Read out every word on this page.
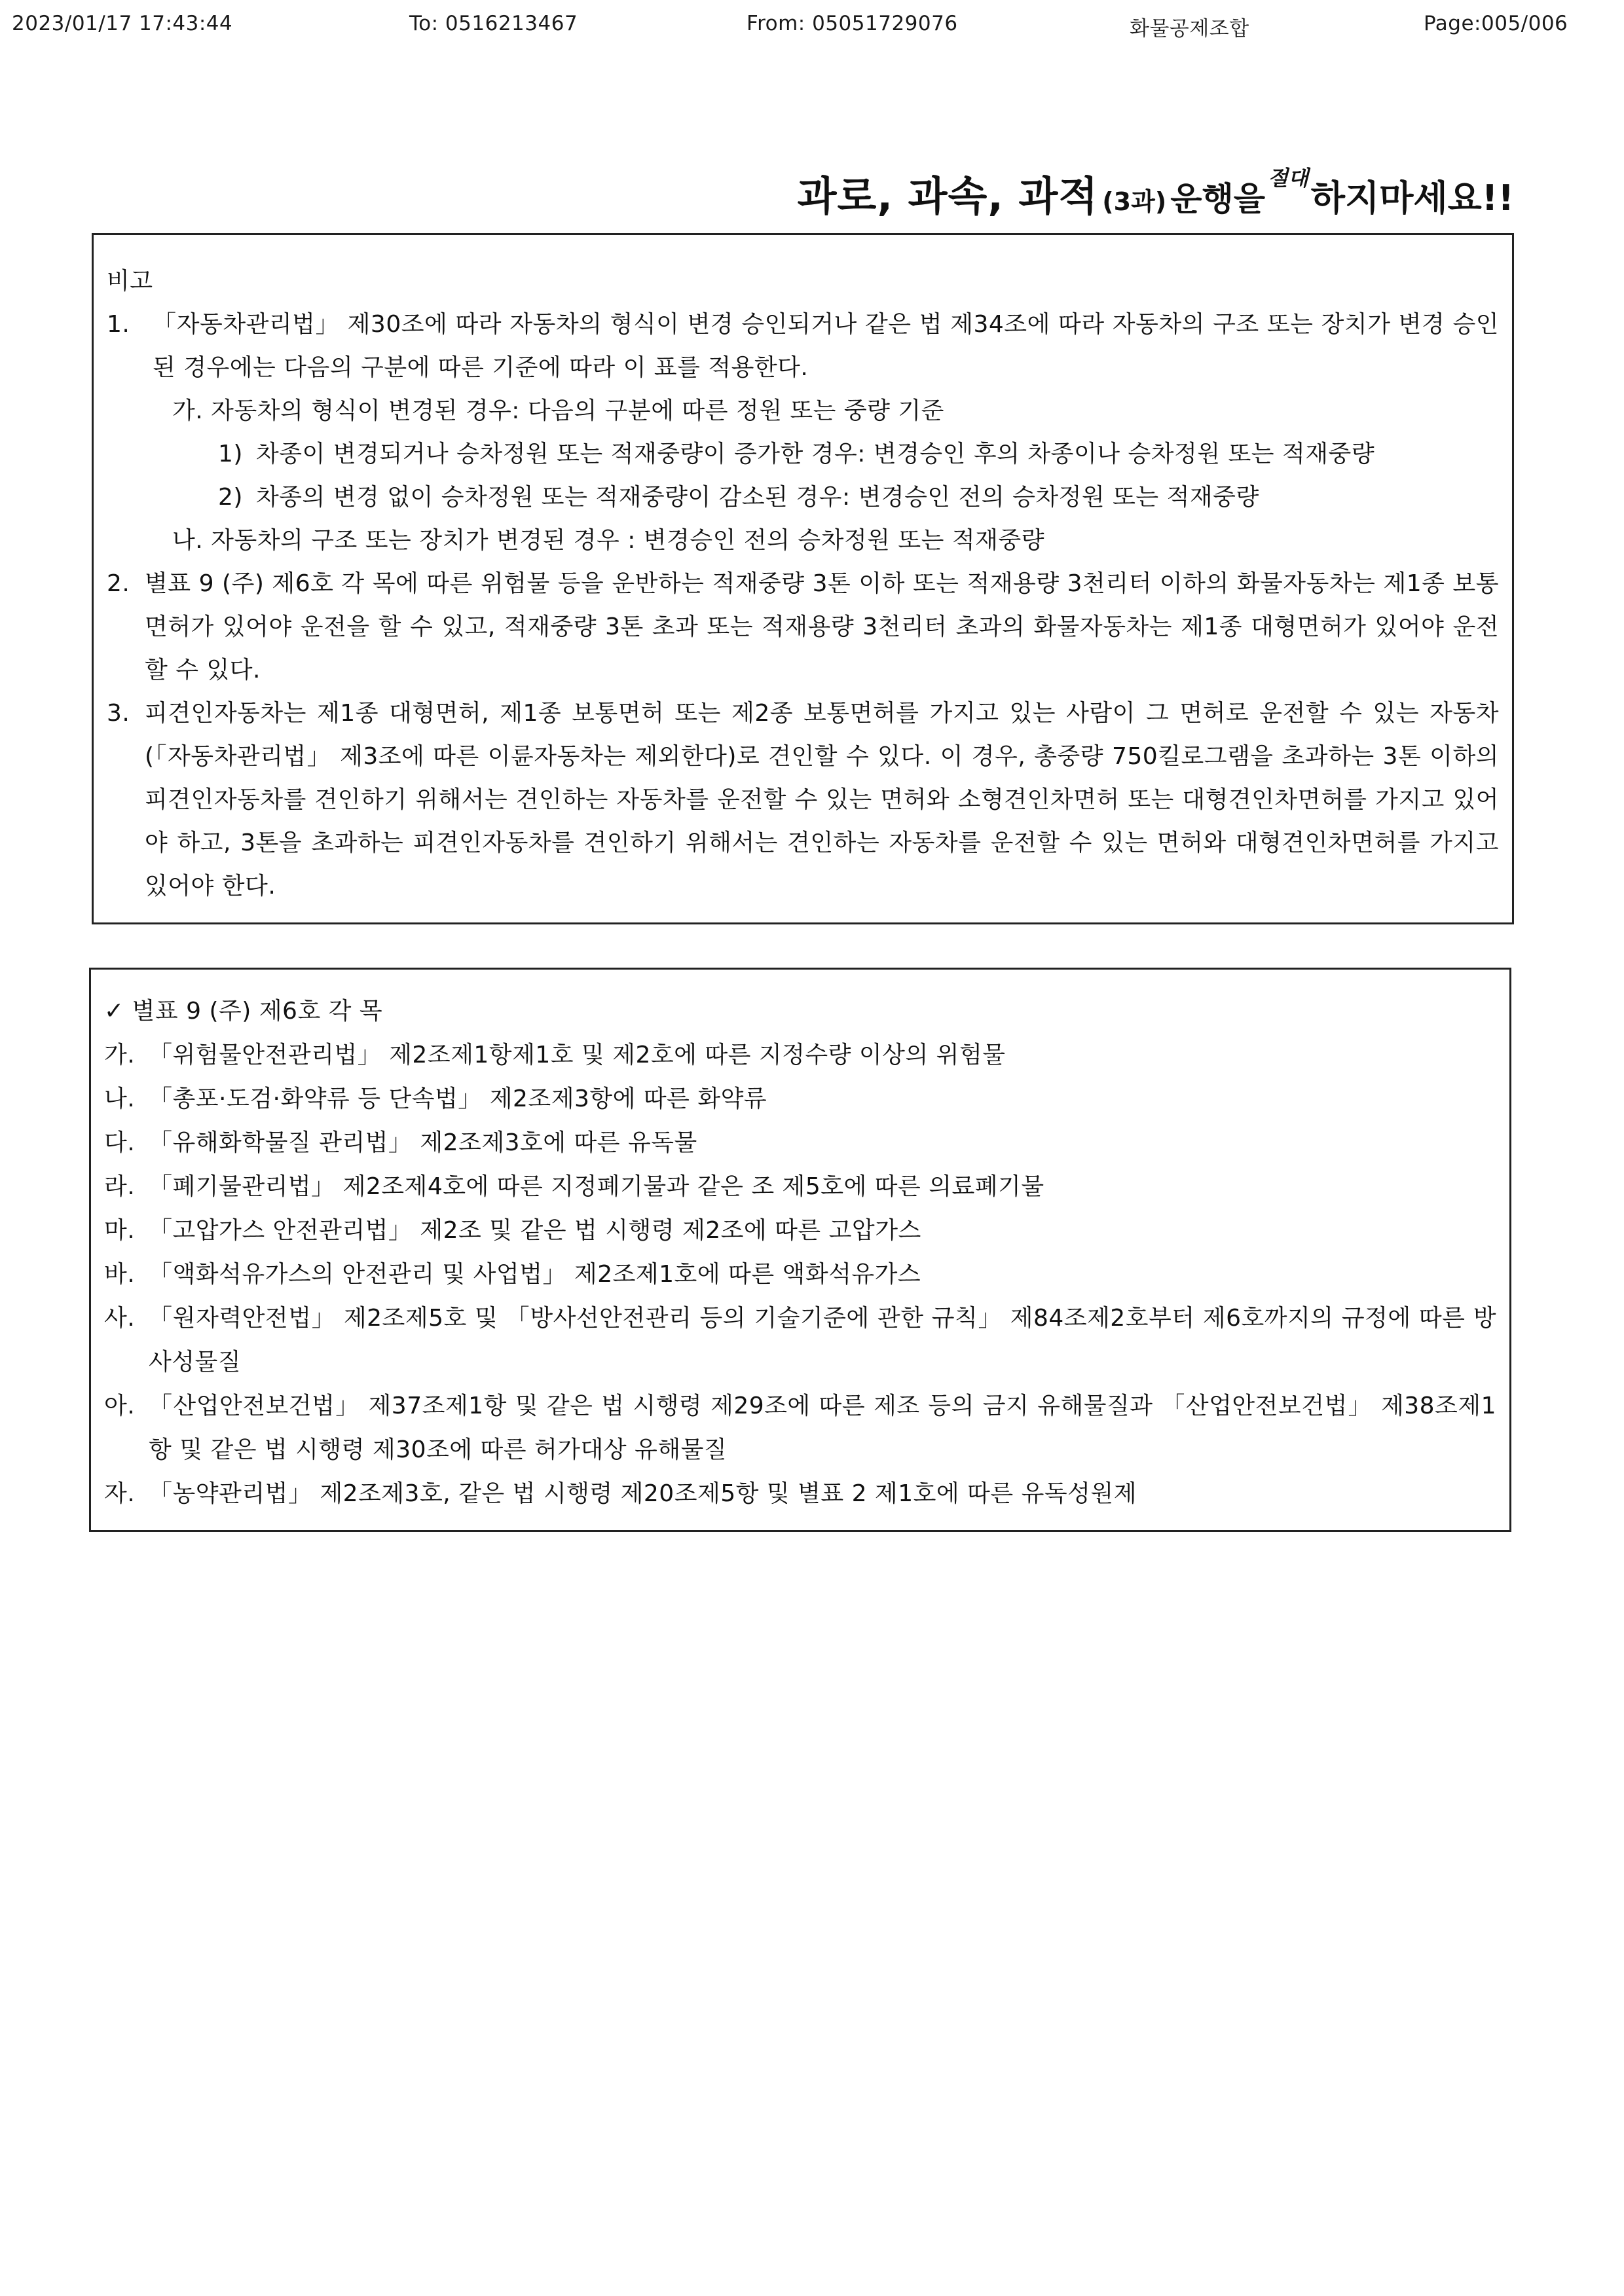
2023/01/17 17:43:44	To: 0516213467	From: 05051729076	화물공제조합	Page:005/006
과로, 과속, 과적 (3과) 운행을
절대 하지마세요!!
비고
1. 「자동차관리법」 제30조에 따라 자동차의 형식이 변경 승인되거나 같은 법 제34조에 따라 자동차의 구조 또는 장치가 변경 승인된 경우에는 다음의 구분에 따른 기준에 따라 이 표를 적용한다.
가. 자동차의 형식이 변경된 경우: 다음의 구분에 따른 정원 또는 중량 기준
1) 차종이 변경되거나 승차정원 또는 적재중량이 증가한 경우: 변경승인 후의 차종이나 승차정원 또는 적재중량
2) 차종의 변경 없이 승차정원 또는 적재중량이 감소된 경우: 변경승인 전의 승차정원 또는 적재중량
나. 자동차의 구조 또는 장치가 변경된 경우 : 변경승인 전의 승차정원 또는 적재중량
2. 별표 9 (주) 제6호 각 목에 따른 위험물 등을 운반하는 적재중량 3톤 이하 또는 적재용량 3천리터 이하의 화물자동차는 제1종 보통면허가 있어야 운전을 할 수 있고, 적재중량 3톤 초과 또는 적재용량 3천리터 초과의 화물자동차는 제1종 대형면허가 있어야 운전할 수 있다.
3. 피견인자동차는 제1종 대형면허, 제1종 보통면허 또는 제2종 보통면허를 가지고 있는 사람이 그 면허로 운전할 수 있는 자동차(「자동차관리법」 제3조에 따른 이륜자동차는 제외한다)로 견인할 수 있다. 이 경우, 총중량 750킬로그램을 초과하는 3톤 이하의 피견인자동차를 견인하기 위해서는 견인하는 자동차를 운전할 수 있는 면허와 소형견인차면허 또는 대형견인차면허를 가지고 있어야 하고, 3톤을 초과하는 피견인자동차를 견인하기 위해서는 견인하는 자동차를 운전할 수 있는 면허와 대형견인차면허를 가지고 있어야 한다.
✓ 별표 9 (주) 제6호 각 목
가. 「위험물안전관리법」 제2조제1항제1호 및 제2호에 따른 지정수량 이상의 위험물
나. 「총포·도검·화약류 등 단속법」 제2조제3항에 따른 화약류
다. 「유해화학물질 관리법」 제2조제3호에 따른 유독물
라. 「폐기물관리법」 제2조제4호에 따른 지정폐기물과 같은 조 제5호에 따른 의료폐기물
마. 「고압가스 안전관리법」 제2조 및 같은 법 시행령 제2조에 따른 고압가스
바. 「액화석유가스의 안전관리 및 사업법」 제2조제1호에 따른 액화석유가스
사. 「원자력안전법」 제2조제5호 및 「방사선안전관리 등의 기술기준에 관한 규칙」 제84조제2호부터 제6호까지의 규정에 따른 방사성물질
아. 「산업안전보건법」 제37조제1항 및 같은 법 시행령 제29조에 따른 제조 등의 금지 유해물질과 「산업안전보건법」 제38조제1항 및 같은 법 시행령 제30조에 따른 허가대상 유해물질
자. 「농약관리법」 제2조제3호, 같은 법 시행령 제20조제5항 및 별표 2 제1호에 따른 유독성원제
